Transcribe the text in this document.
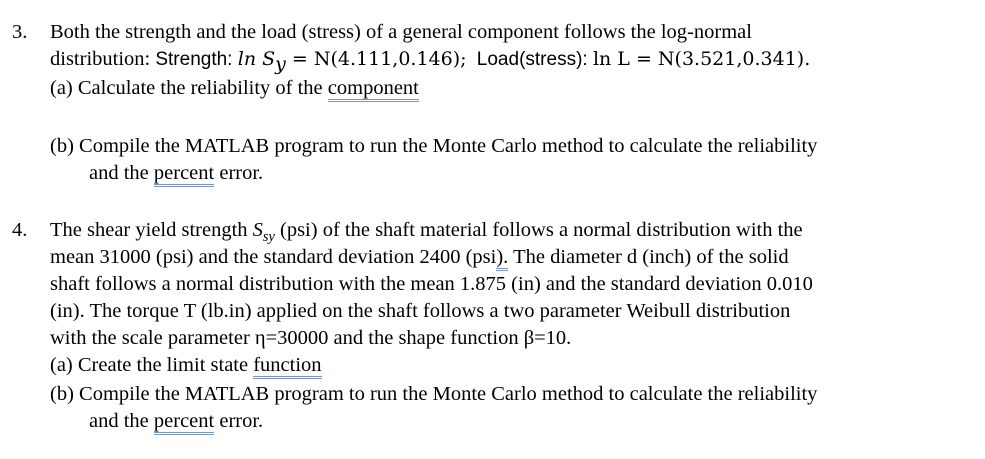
3. Both the strength and the load (stress) of a general component follows the log-normal
distribution: Strength: $\ln S_y = N(4.111,0.146)$; Load(stress): ln L = N(3.521,0.341).
(a) Calculate the reliability of the component
(b) Compile the MATLAB program to run the Monte Carlo method to calculate the reliability
and the percent error.
4. The shear yield strength $S_{sy}$ (psi) of the shaft material follows a normal distribution with the
mean 31000 (psi) and the standard deviation 2400 (psi). The diameter d (inch) of the solid
shaft follows a normal distribution with the mean 1.875 (in) and the standard deviation 0.010
(in). The torque T (lb.in) applied on the shaft follows a two parameter Weibull distribution
with the scale parameter η=30000 and the shape function β=10.
(a) Create the limit state function
(b) Compile the MATLAB program to run the Monte Carlo method to calculate the reliability
and the percent error.
